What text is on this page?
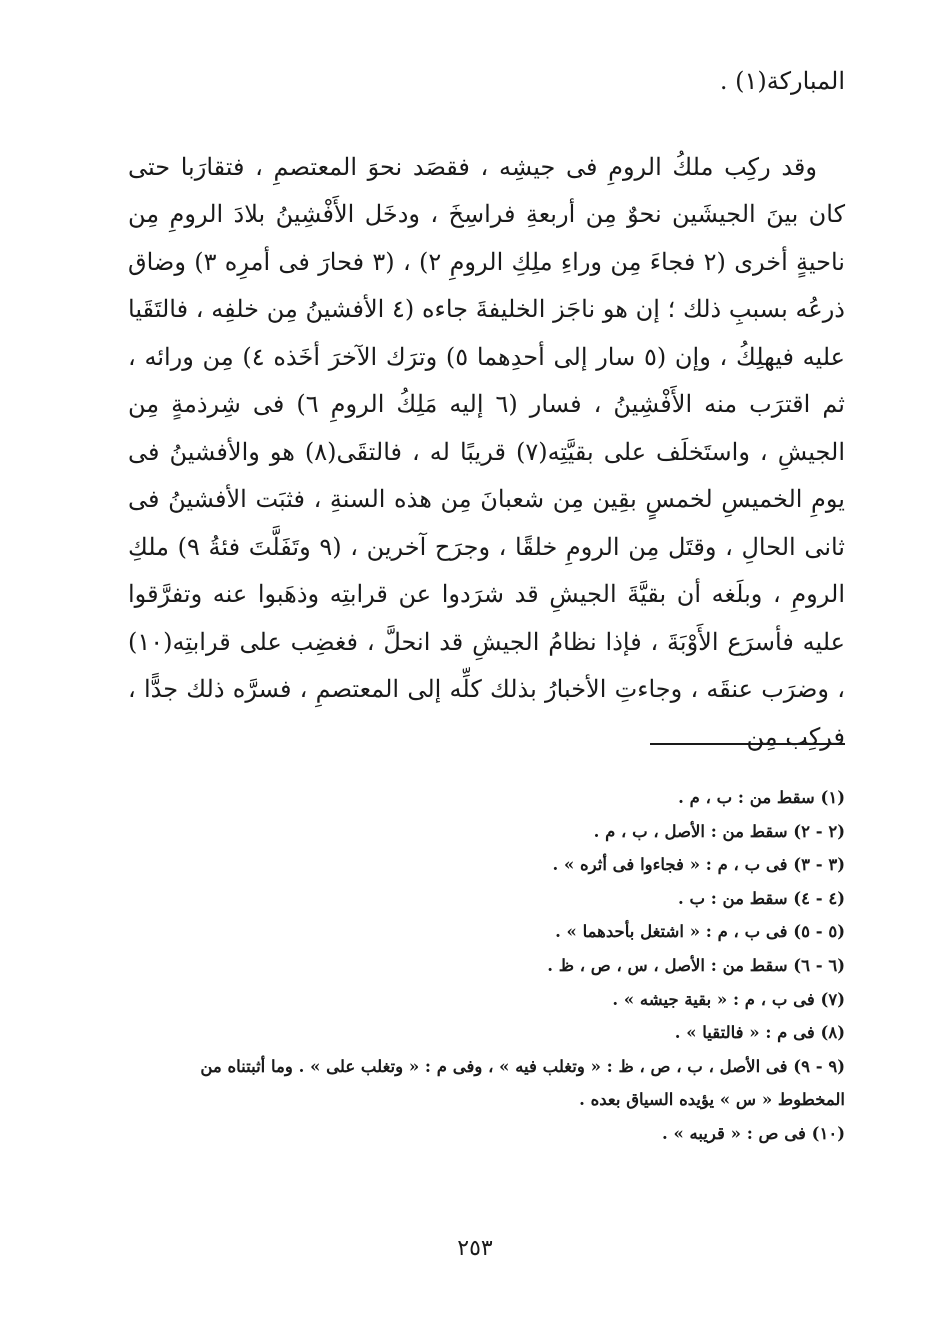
المباركة(١) .

وقد ركِب ملكُ الرومِ فى جيشِه ، فقصَد نحوَ المعتصمِ ، فتقارَبا حتى كان بينَ الجيشَين نحوٌ مِن أربعةِ فراسِخَ ، ودخَل الأَفْشِينُ بلادَ الرومِ مِن ناحيةٍ أخرى (٢ فجاءَ مِن وراءِ ملِكِ الرومِ ٢) ، (٣ فحارَ فى أمرِه ٣) وضاق ذرعُه بسببِ ذلك ؛ إن هو ناجَز الخليفةَ جاءه (٤ الأفشينُ مِن خلفِه ، فالتَقَيا عليه فيهلِكُ ، وإن (٥ سار إلى أحدِهما ٥) وترَك الآخرَ أخَذه ٤) مِن ورائه ، ثم اقترَب منه الأَفْشِينُ ، فسار (٦ إليه مَلِكُ الرومِ ٦) فى شِرذمةٍ مِن الجيشِ ، واستَخلَف على بقيَّتِه(٧) قريبًا له ، فالتقَى(٨) هو والأفشينُ فى يومِ الخميسِ لخمسٍ بقِين مِن شعبانَ مِن هذه السنةِ ، فثبَت الأفشينُ فى ثانى الحالِ ، وقتَل مِن الرومِ خلقًا ، وجرَح آخرين ، (٩ وتَفَلَّتَ فئةُ ٩) ملكِ الرومِ ، وبلَغه أن بقيَّةَ الجيشِ قد شرَدوا عن قرابتِه وذهَبوا عنه وتفرَّقوا عليه فأسرَع الأَوْبَةَ ، فإذا نظامُ الجيشِ قد انحلَّ ، فغضِب على قرابتِه(١٠) ، وضرَب عنقَه ، وجاءتِ الأخبارُ بذلك كلِّه إلى المعتصمِ ، فسرَّه ذلك جدًّا ، فركِب مِن

(١) سقط من : ب ، م .

(٢ - ٢) سقط من : الأصل ، ب ، م .

(٣ - ٣) فى ب ، م : « فجاءوا فى أثره » .

(٤ - ٤) سقط من : ب .

(٥ - ٥) فى ب ، م : « اشتغل بأحدهما » .

(٦ - ٦) سقط من : الأصل ، س ، ص ، ظ .

(٧) فى ب ، م : « بقية جيشه » .

(٨) فى م : « فالتقيا » .

(٩ - ٩) فى الأصل ، ب ، ص ، ظ : « وتغلب فيه » ، وفى م : « وتغلب على » . وما أثبتناه من المخطوط « س » يؤيده السياق بعده .

(١٠) فى ص : « قريبه » .

٢٥٣
